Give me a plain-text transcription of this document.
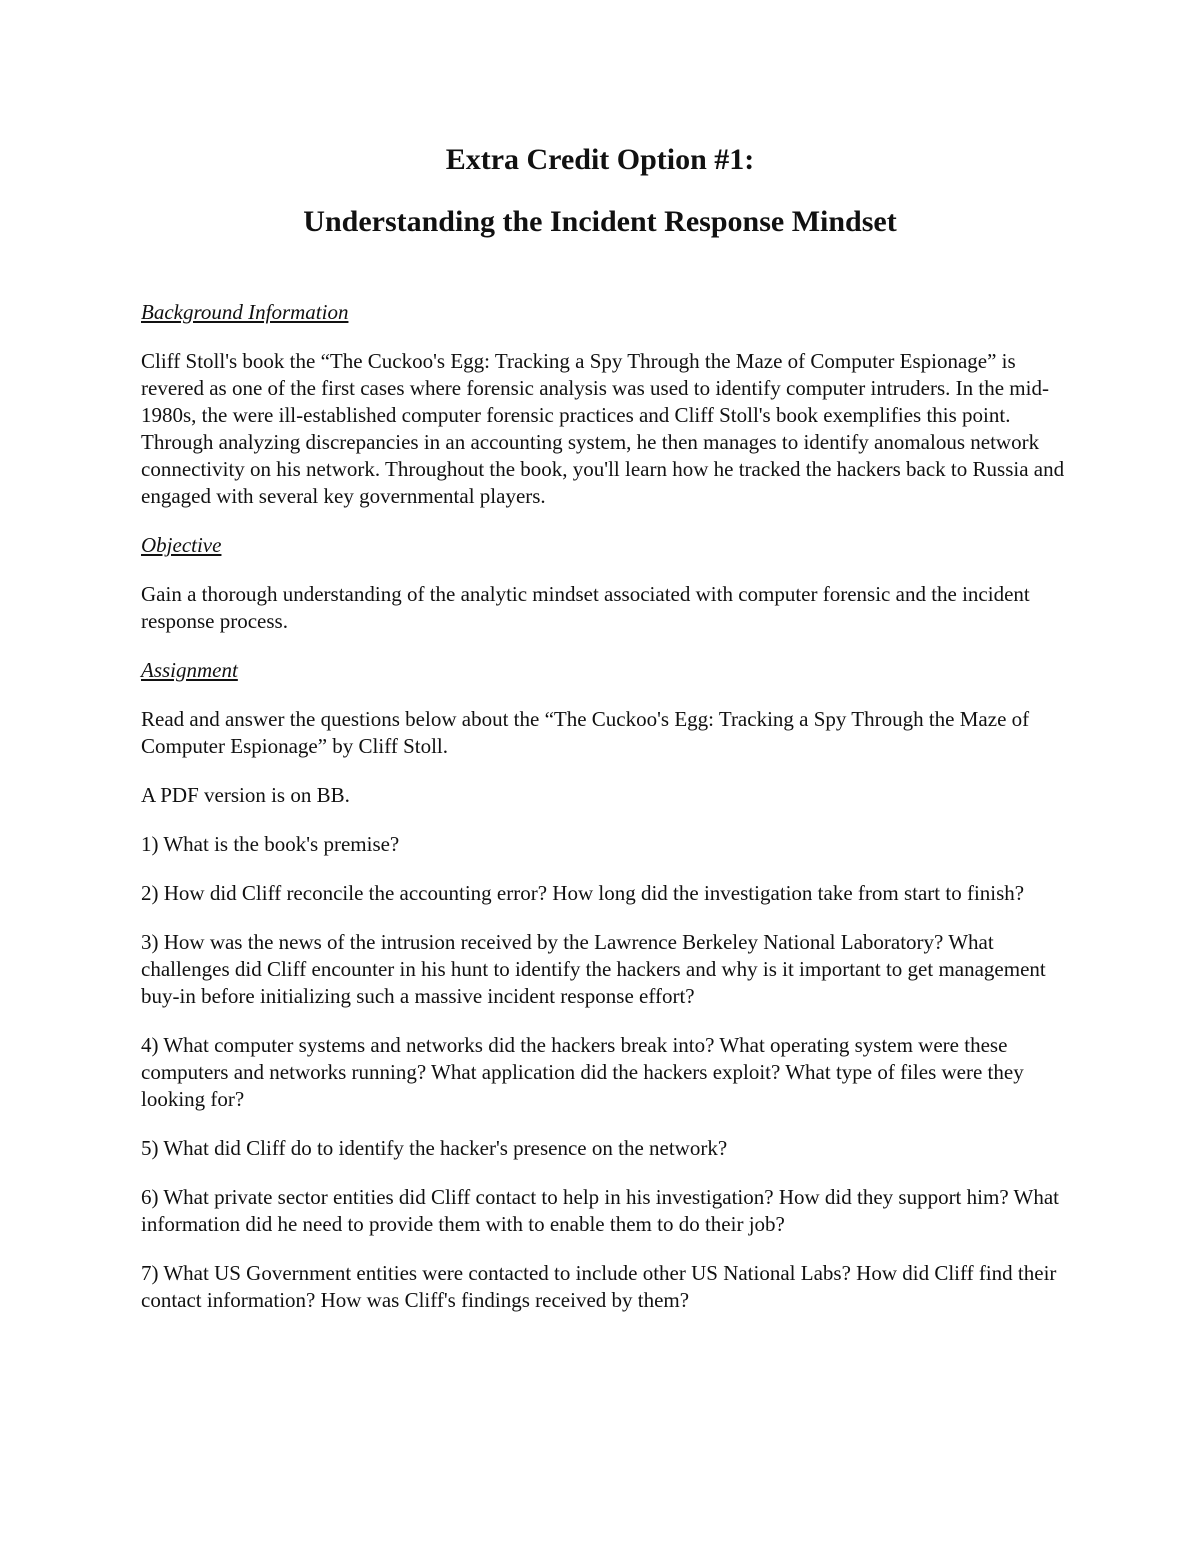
Extra Credit Option #1:
Understanding the Incident Response Mindset

Background Information

Cliff Stoll's book the “The Cuckoo's Egg: Tracking a Spy Through the Maze of Computer Espionage” is revered as one of the first cases where forensic analysis was used to identify computer intruders. In the mid-1980s, the were ill-established computer forensic practices and Cliff Stoll's book exemplifies this point. Through analyzing discrepancies in an accounting system, he then manages to identify anomalous network connectivity on his network. Throughout the book, you'll learn how he tracked the hackers back to Russia and engaged with several key governmental players.

Objective

Gain a thorough understanding of the analytic mindset associated with computer forensic and the incident response process.

Assignment

Read and answer the questions below about the “The Cuckoo's Egg: Tracking a Spy Through the Maze of Computer Espionage” by Cliff Stoll.

A PDF version is on BB.

1) What is the book's premise?

2) How did Cliff reconcile the accounting error? How long did the investigation take from start to finish?

3) How was the news of the intrusion received by the Lawrence Berkeley National Laboratory? What challenges did Cliff encounter in his hunt to identify the hackers and why is it important to get management buy-in before initializing such a massive incident response effort?

4) What computer systems and networks did the hackers break into? What operating system were these computers and networks running? What application did the hackers exploit? What type of files were they looking for?

5) What did Cliff do to identify the hacker's presence on the network?

6) What private sector entities did Cliff contact to help in his investigation? How did they support him? What information did he need to provide them with to enable them to do their job?

7) What US Government entities were contacted to include other US National Labs? How did Cliff find their contact information? How was Cliff's findings received by them?
